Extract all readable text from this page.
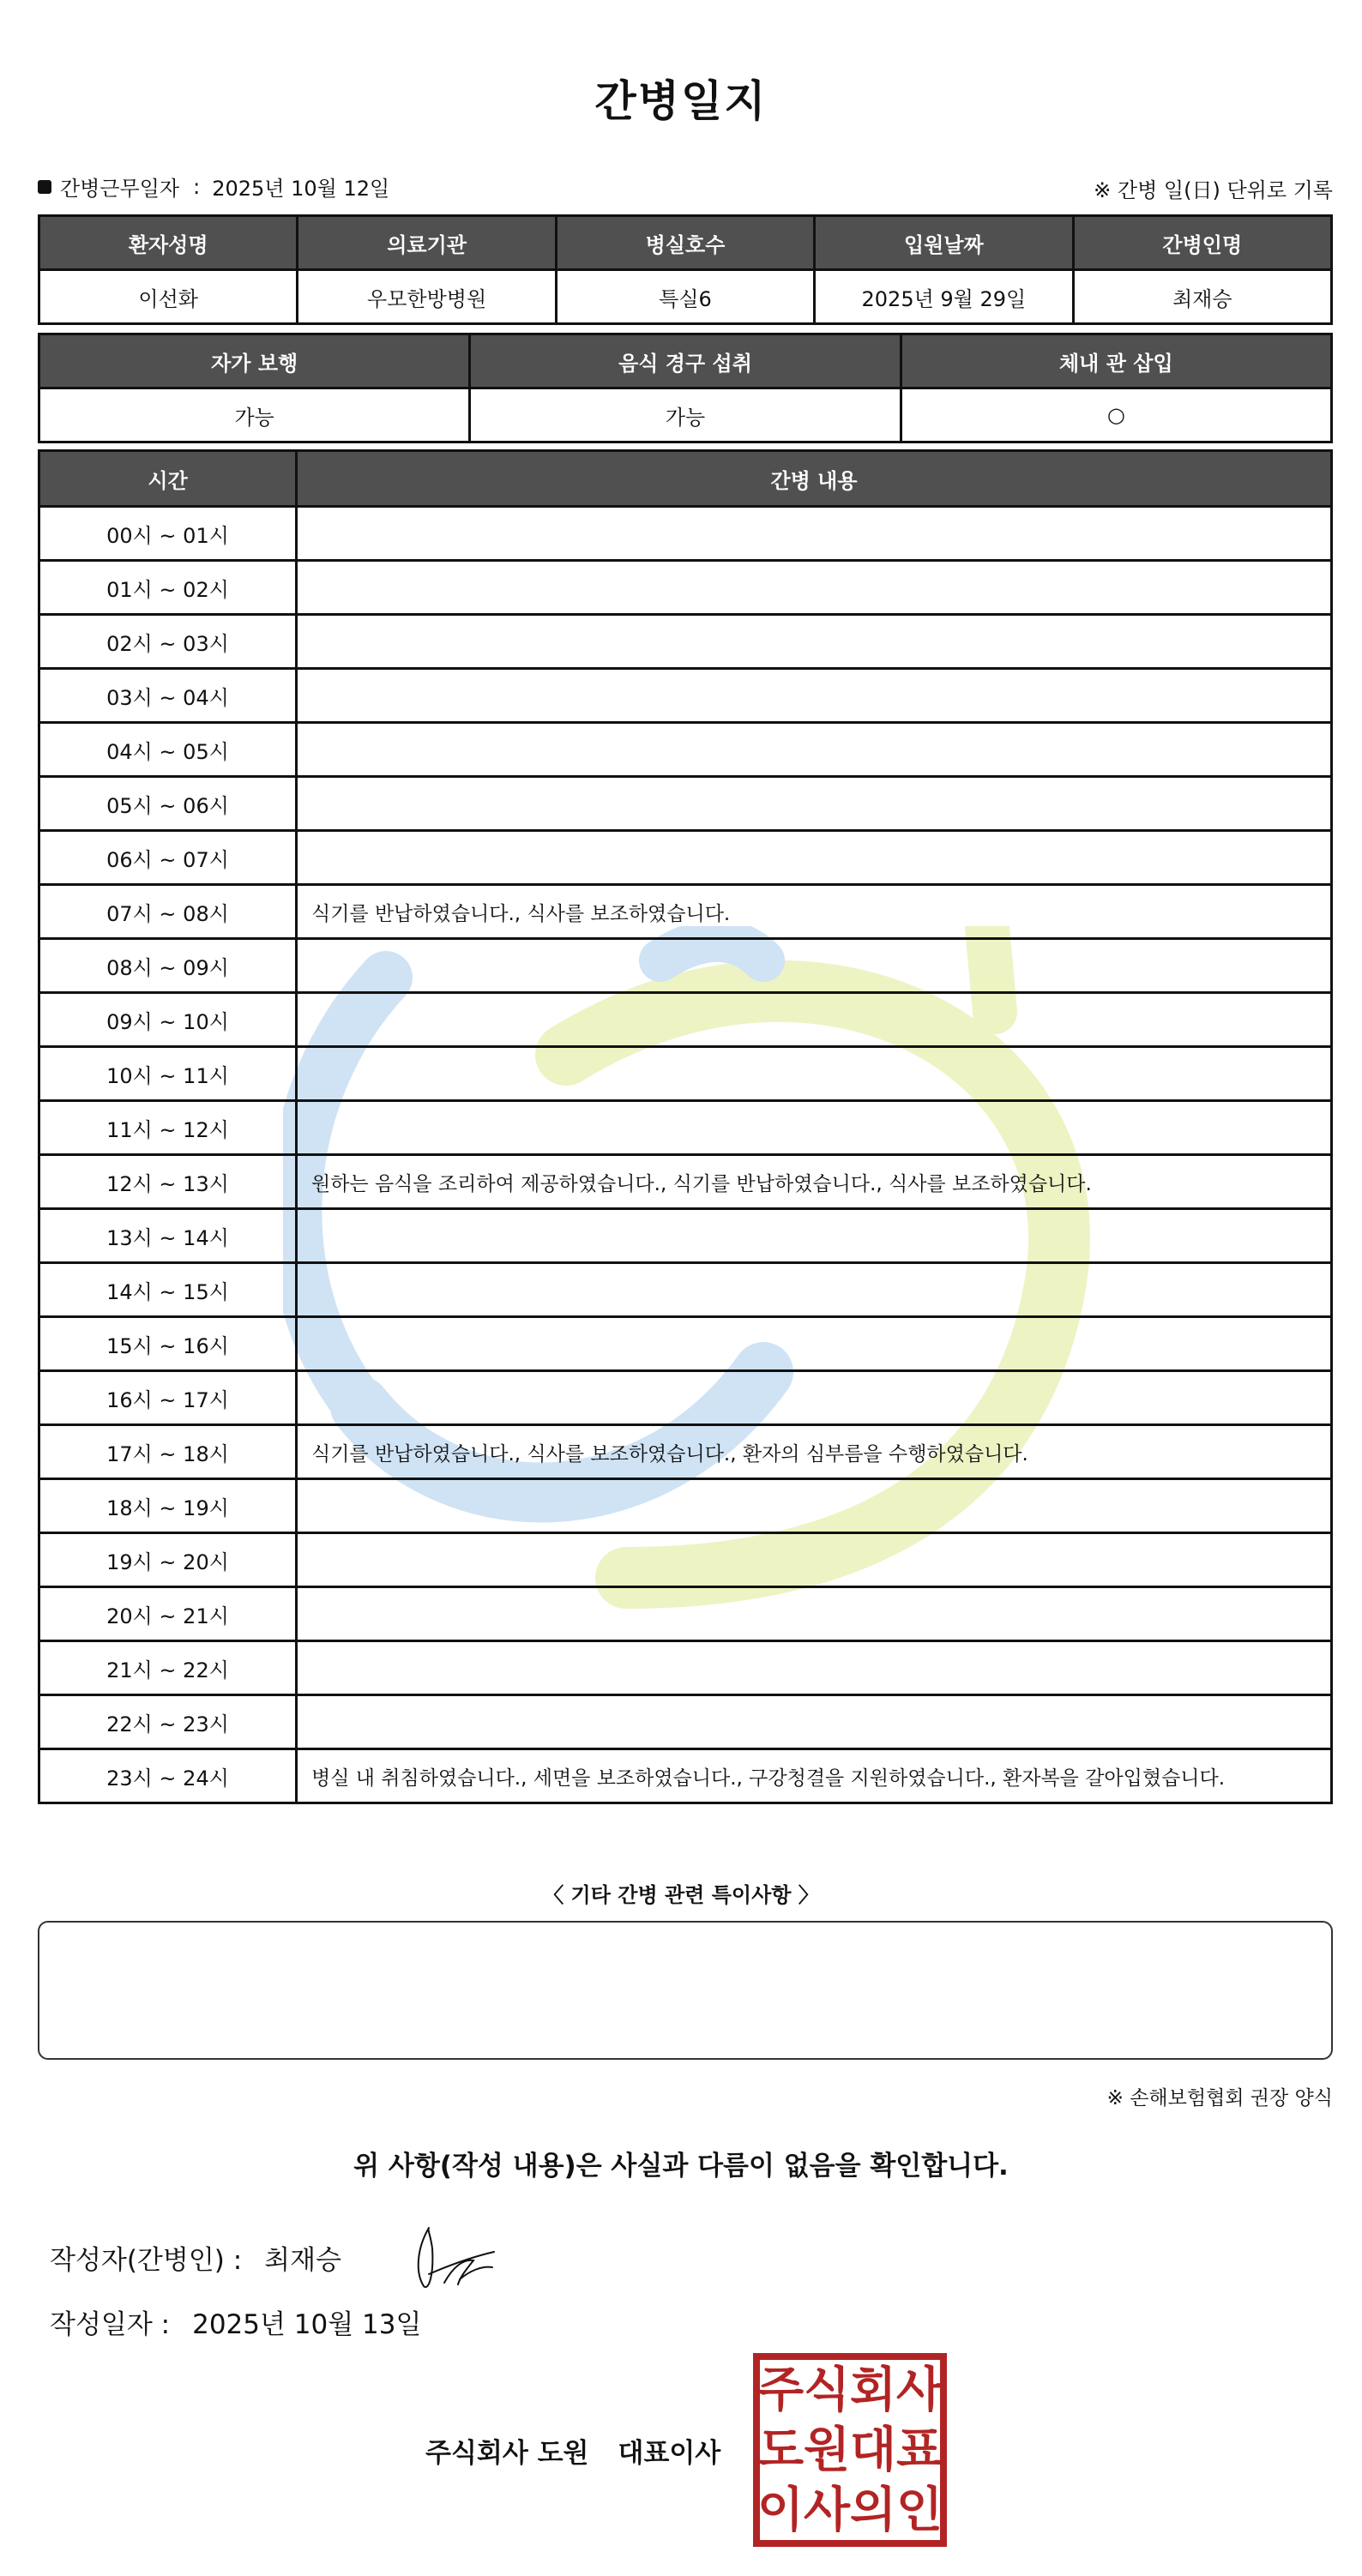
간병일지
간병근무일자 : 2025년 10월 12일	※ 간병 일(日) 단위로 기록
환자성명	의료기관	병실호수	입원날짜	간병인명
이선화	우모한방병원	특실6	2025년 9월 29일	최재승
자가 보행	음식 경구 섭취	체내 관 삽입
가능	가능	○
시간	간병 내용
00시 ~ 01시	
01시 ~ 02시	
02시 ~ 03시	
03시 ~ 04시	
04시 ~ 05시	
05시 ~ 06시	
06시 ~ 07시	
07시 ~ 08시	식기를 반납하였습니다., 식사를 보조하였습니다.
08시 ~ 09시	
09시 ~ 10시	
10시 ~ 11시	
11시 ~ 12시	
12시 ~ 13시	원하는 음식을 조리하여 제공하였습니다., 식기를 반납하였습니다., 식사를 보조하였습니다.
13시 ~ 14시	
14시 ~ 15시	
15시 ~ 16시	
16시 ~ 17시	
17시 ~ 18시	식기를 반납하였습니다., 식사를 보조하였습니다., 환자의 심부름을 수행하였습니다.
18시 ~ 19시	
19시 ~ 20시	
20시 ~ 21시	
21시 ~ 22시	
22시 ~ 23시	
23시 ~ 24시	병실 내 취침하였습니다., 세면을 보조하였습니다., 구강청결을 지원하였습니다., 환자복을 갈아입혔습니다.
〈 기타 간병 관련 특이사항 〉
※ 손해보험협회 권장 양식
위 사항(작성 내용)은 사실과 다름이 없음을 확인합니다.
작성자(간병인) : 최재승
작성일자 : 2025년 10월 13일
주식회사 도원 대표이사
주 식 회 사
도 원 대 표
이 사 의 인
